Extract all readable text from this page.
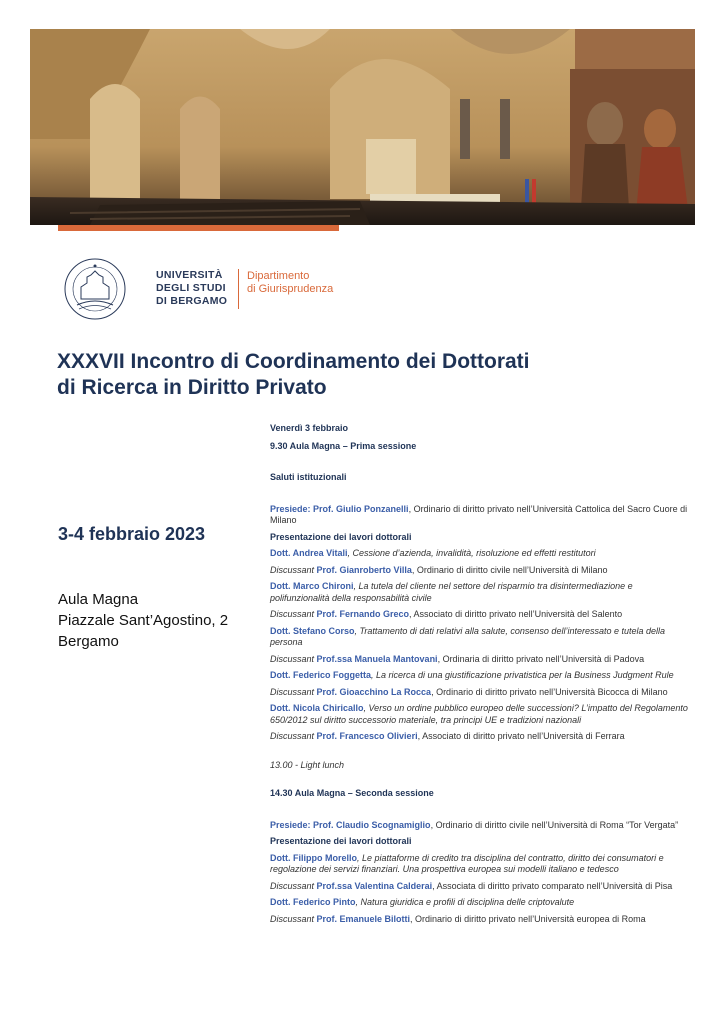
UNIVERSITÀ
DEGLI STUDI
DI BERGAMO
Dipartimento
di Giurisprudenza
XXXVII Incontro di Coordinamento dei Dottorati
di Ricerca in Diritto Privato
3-4 febbraio 2023
Aula Magna
Piazzale Sant’Agostino, 2
Bergamo
Venerdì 3 febbraio
9.30 Aula Magna – Prima sessione
Saluti istituzionali
Presiede: Prof. Giulio Ponzanelli, Ordinario di diritto privato nell’Università Cattolica del Sacro Cuore di Milano
Presentazione dei lavori dottorali
Dott. Andrea Vitali, Cessione d’azienda, invalidità, risoluzione ed effetti restitutori
Discussant Prof. Gianroberto Villa, Ordinario di diritto civile nell’Università di Milano
Dott. Marco Chironi, La tutela del cliente nel settore del risparmio tra disintermediazione e polifunzionalità della responsabilità civile
Discussant Prof. Fernando Greco, Associato di diritto privato nell’Università del Salento
Dott. Stefano Corso, Trattamento di dati relativi alla salute, consenso dell’interessato e tutela della persona
Discussant Prof.ssa Manuela Mantovani, Ordinaria di diritto privato nell’Università di Padova
Dott. Federico Foggetta, La ricerca di una giustificazione privatistica per la Business Judgment Rule
Discussant Prof. Gioacchino La Rocca, Ordinario di diritto privato nell’Università Bicocca di Milano
Dott. Nicola Chiricallo, Verso un ordine pubblico europeo delle successioni? L’impatto del Regolamento 650/2012 sul diritto successorio materiale, tra principi UE e tradizioni nazionali
Discussant Prof. Francesco Olivieri, Associato di diritto privato nell’Università di Ferrara
13.00 - Light lunch
14.30 Aula Magna – Seconda sessione
Presiede: Prof. Claudio Scognamiglio, Ordinario di diritto civile nell’Università di Roma “Tor Vergata”
Presentazione dei lavori dottorali
Dott. Filippo Morello, Le piattaforme di credito tra disciplina del contratto, diritto dei consumatori e regolazione dei servizi finanziari. Una prospettiva europea sui modelli italiano e tedesco
Discussant Prof.ssa Valentina Calderai, Associata di diritto privato comparato nell’Università di Pisa
Dott. Federico Pinto, Natura giuridica e profili di disciplina delle criptovalute
Discussant Prof. Emanuele Bilotti, Ordinario di diritto privato nell’Università europea di Roma
